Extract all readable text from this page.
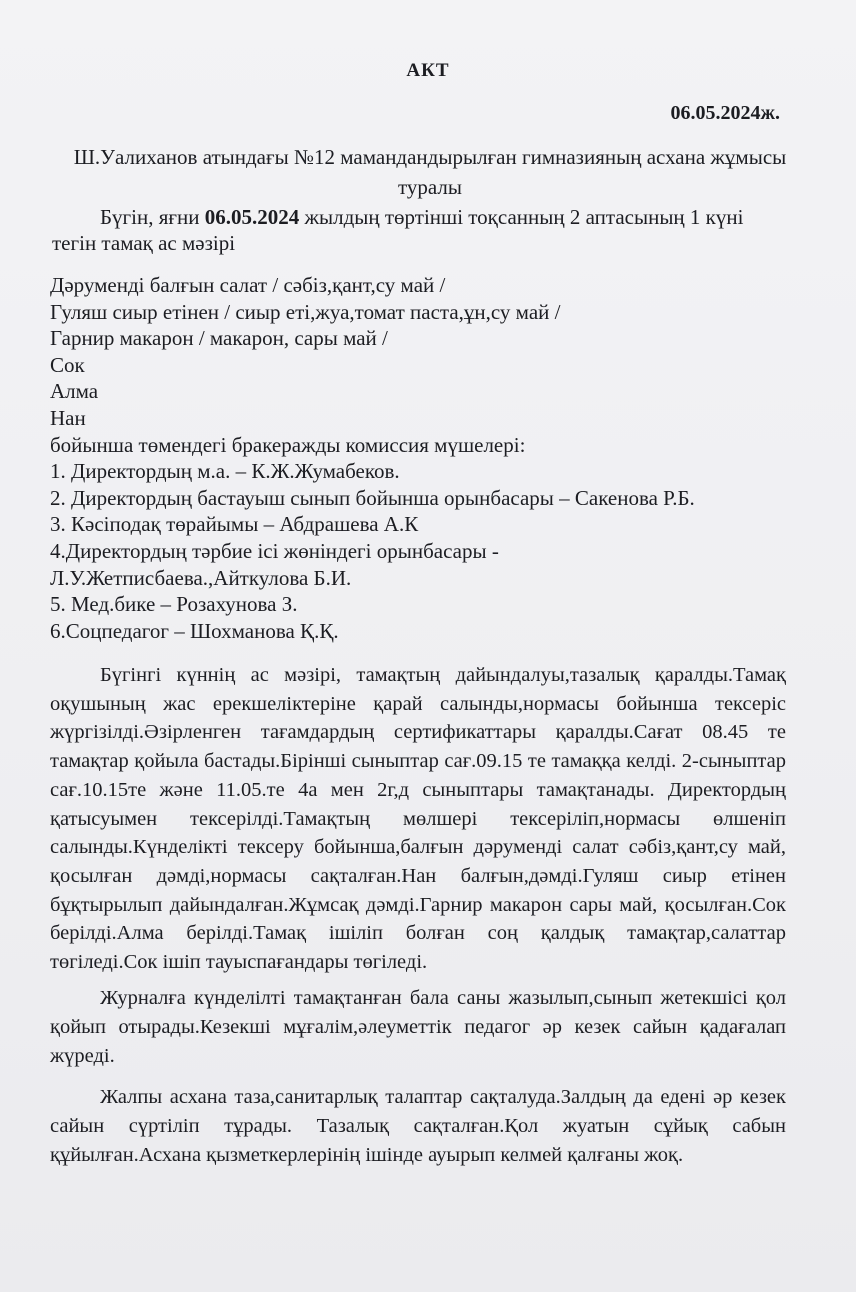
АКТ
06.05.2024ж.
Ш.Уалиханов атындағы №12 мамандандырылған гимназияның асхана жұмысы туралы
Бүгін, яғни 06.05.2024 жылдың төртінші тоқсанның 2 аптасының 1 күні тегін тамақ ас мәзірі
Дәруменді балғын салат / сәбіз,қант,су май /
Гуляш сиыр етінен / сиыр еті,жуа,томат паста,ұн,су май /
Гарнир макарон / макарон, сары май /
Сок
Алма
Нан
бойынша төмендегі бракеражды комиссия мүшелері:
1. Директордың м.а. – К.Ж.Жумабеков.
2. Директордың бастауыш сынып бойынша орынбасары – Сакенова Р.Б.
3. Кәсіподақ төрайымы – Абдрашева А.К
4.Директордың тәрбие ісі жөніндегі орынбасары -
Л.У.Жетписбаева.,Айткулова Б.И.
5. Мед.бике – Розахунова З.
6.Соцпедагог – Шохманова Қ.Қ.
Бүгінгі күннің ас мәзірі, тамақтың дайындалуы,тазалық қаралды.Тамақ оқушының жас ерекшеліктеріне қарай салынды,нормасы бойынша тексеріс жүргізілді.Әзірленген тағамдардың сертификаттары қаралды.Сағат 08.45 те тамақтар қойыла бастады.Бірінші сыныптар сағ.09.15 те тамаққа келді. 2-сыныптар сағ.10.15те және 11.05.те 4а мен 2г,д сыныптары тамақтанады. Директордың қатысуымен тексерілді.Тамақтың мөлшері тексеріліп,нормасы өлшеніп салынды.Күнделікті тексеру бойынша,балғын дәруменді салат сәбіз,қант,су май, қосылған дәмді,нормасы сақталған.Нан балғын,дәмді.Гуляш сиыр етінен бұқтырылып дайындалған.Жұмсақ дәмді.Гарнир макарон сары май, қосылған.Сок берілді.Алма берілді.Тамақ ішіліп болған соң қалдық тамақтар,салаттар төгіледі.Сок ішіп тауыспағандары төгіледі.
Журналға күнделілті тамақтанған бала саны жазылып,сынып жетекшісі қол қойып отырады.Кезекші мұғалім,әлеуметтік педагог әр кезек сайын қадағалап жүреді.
Жалпы асхана таза,санитарлық талаптар сақталуда.Залдың да едені әр кезек сайын сүртіліп тұрады. Тазалық сақталған.Қол жуатын сұйық сабын құйылған.Асхана қызметкерлерінің ішінде ауырып келмей қалғаны жоқ.
